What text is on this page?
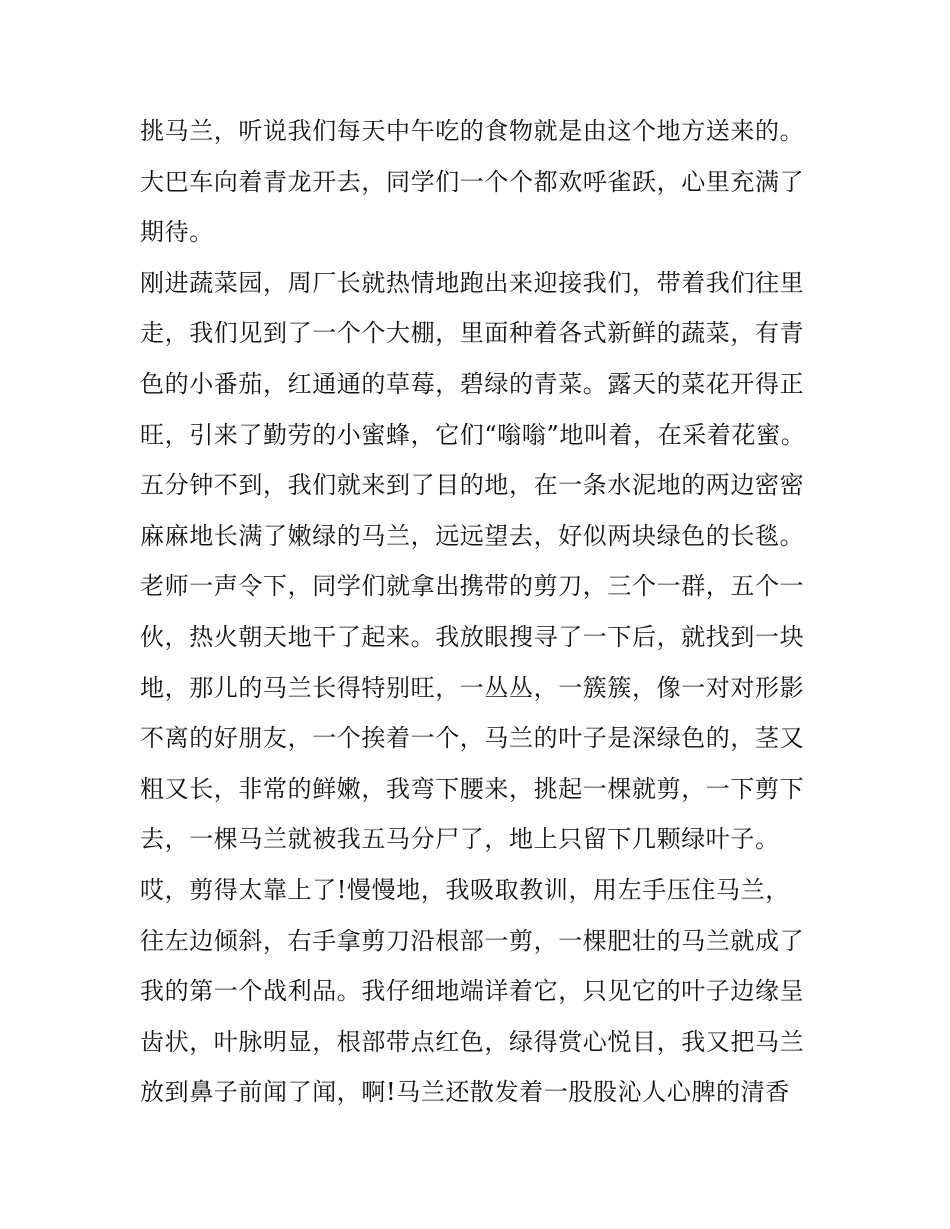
挑马兰，听说我们每天中午吃的食物就是由这个地方送来的。
大巴车向着青龙开去，同学们一个个都欢呼雀跃，心里充满了
期待。
刚进蔬菜园，周厂长就热情地跑出来迎接我们，带着我们往里
走，我们见到了一个个大棚，里面种着各式新鲜的蔬菜，有青
色的小番茄，红通通的草莓，碧绿的青菜。露天的菜花开得正
旺，引来了勤劳的小蜜蜂，它们“嗡嗡”地叫着，在采着花蜜。
五分钟不到，我们就来到了目的地，在一条水泥地的两边密密
麻麻地长满了嫩绿的马兰，远远望去，好似两块绿色的长毯。
老师一声令下，同学们就拿出携带的剪刀，三个一群，五个一
伙，热火朝天地干了起来。我放眼搜寻了一下后，就找到一块
地，那儿的马兰长得特别旺，一丛丛，一簇簇，像一对对形影
不离的好朋友，一个挨着一个，马兰的叶子是深绿色的，茎又
粗又长，非常的鲜嫩，我弯下腰来，挑起一棵就剪，一下剪下
去，一棵马兰就被我五马分尸了，地上只留下几颗绿叶子。
哎，剪得太靠上了!慢慢地，我吸取教训，用左手压住马兰，
往左边倾斜，右手拿剪刀沿根部一剪，一棵肥壮的马兰就成了
我的第一个战利品。我仔细地端详着它，只见它的叶子边缘呈
齿状，叶脉明显，根部带点红色，绿得赏心悦目，我又把马兰
放到鼻子前闻了闻，啊!马兰还散发着一股股沁人心脾的清香
